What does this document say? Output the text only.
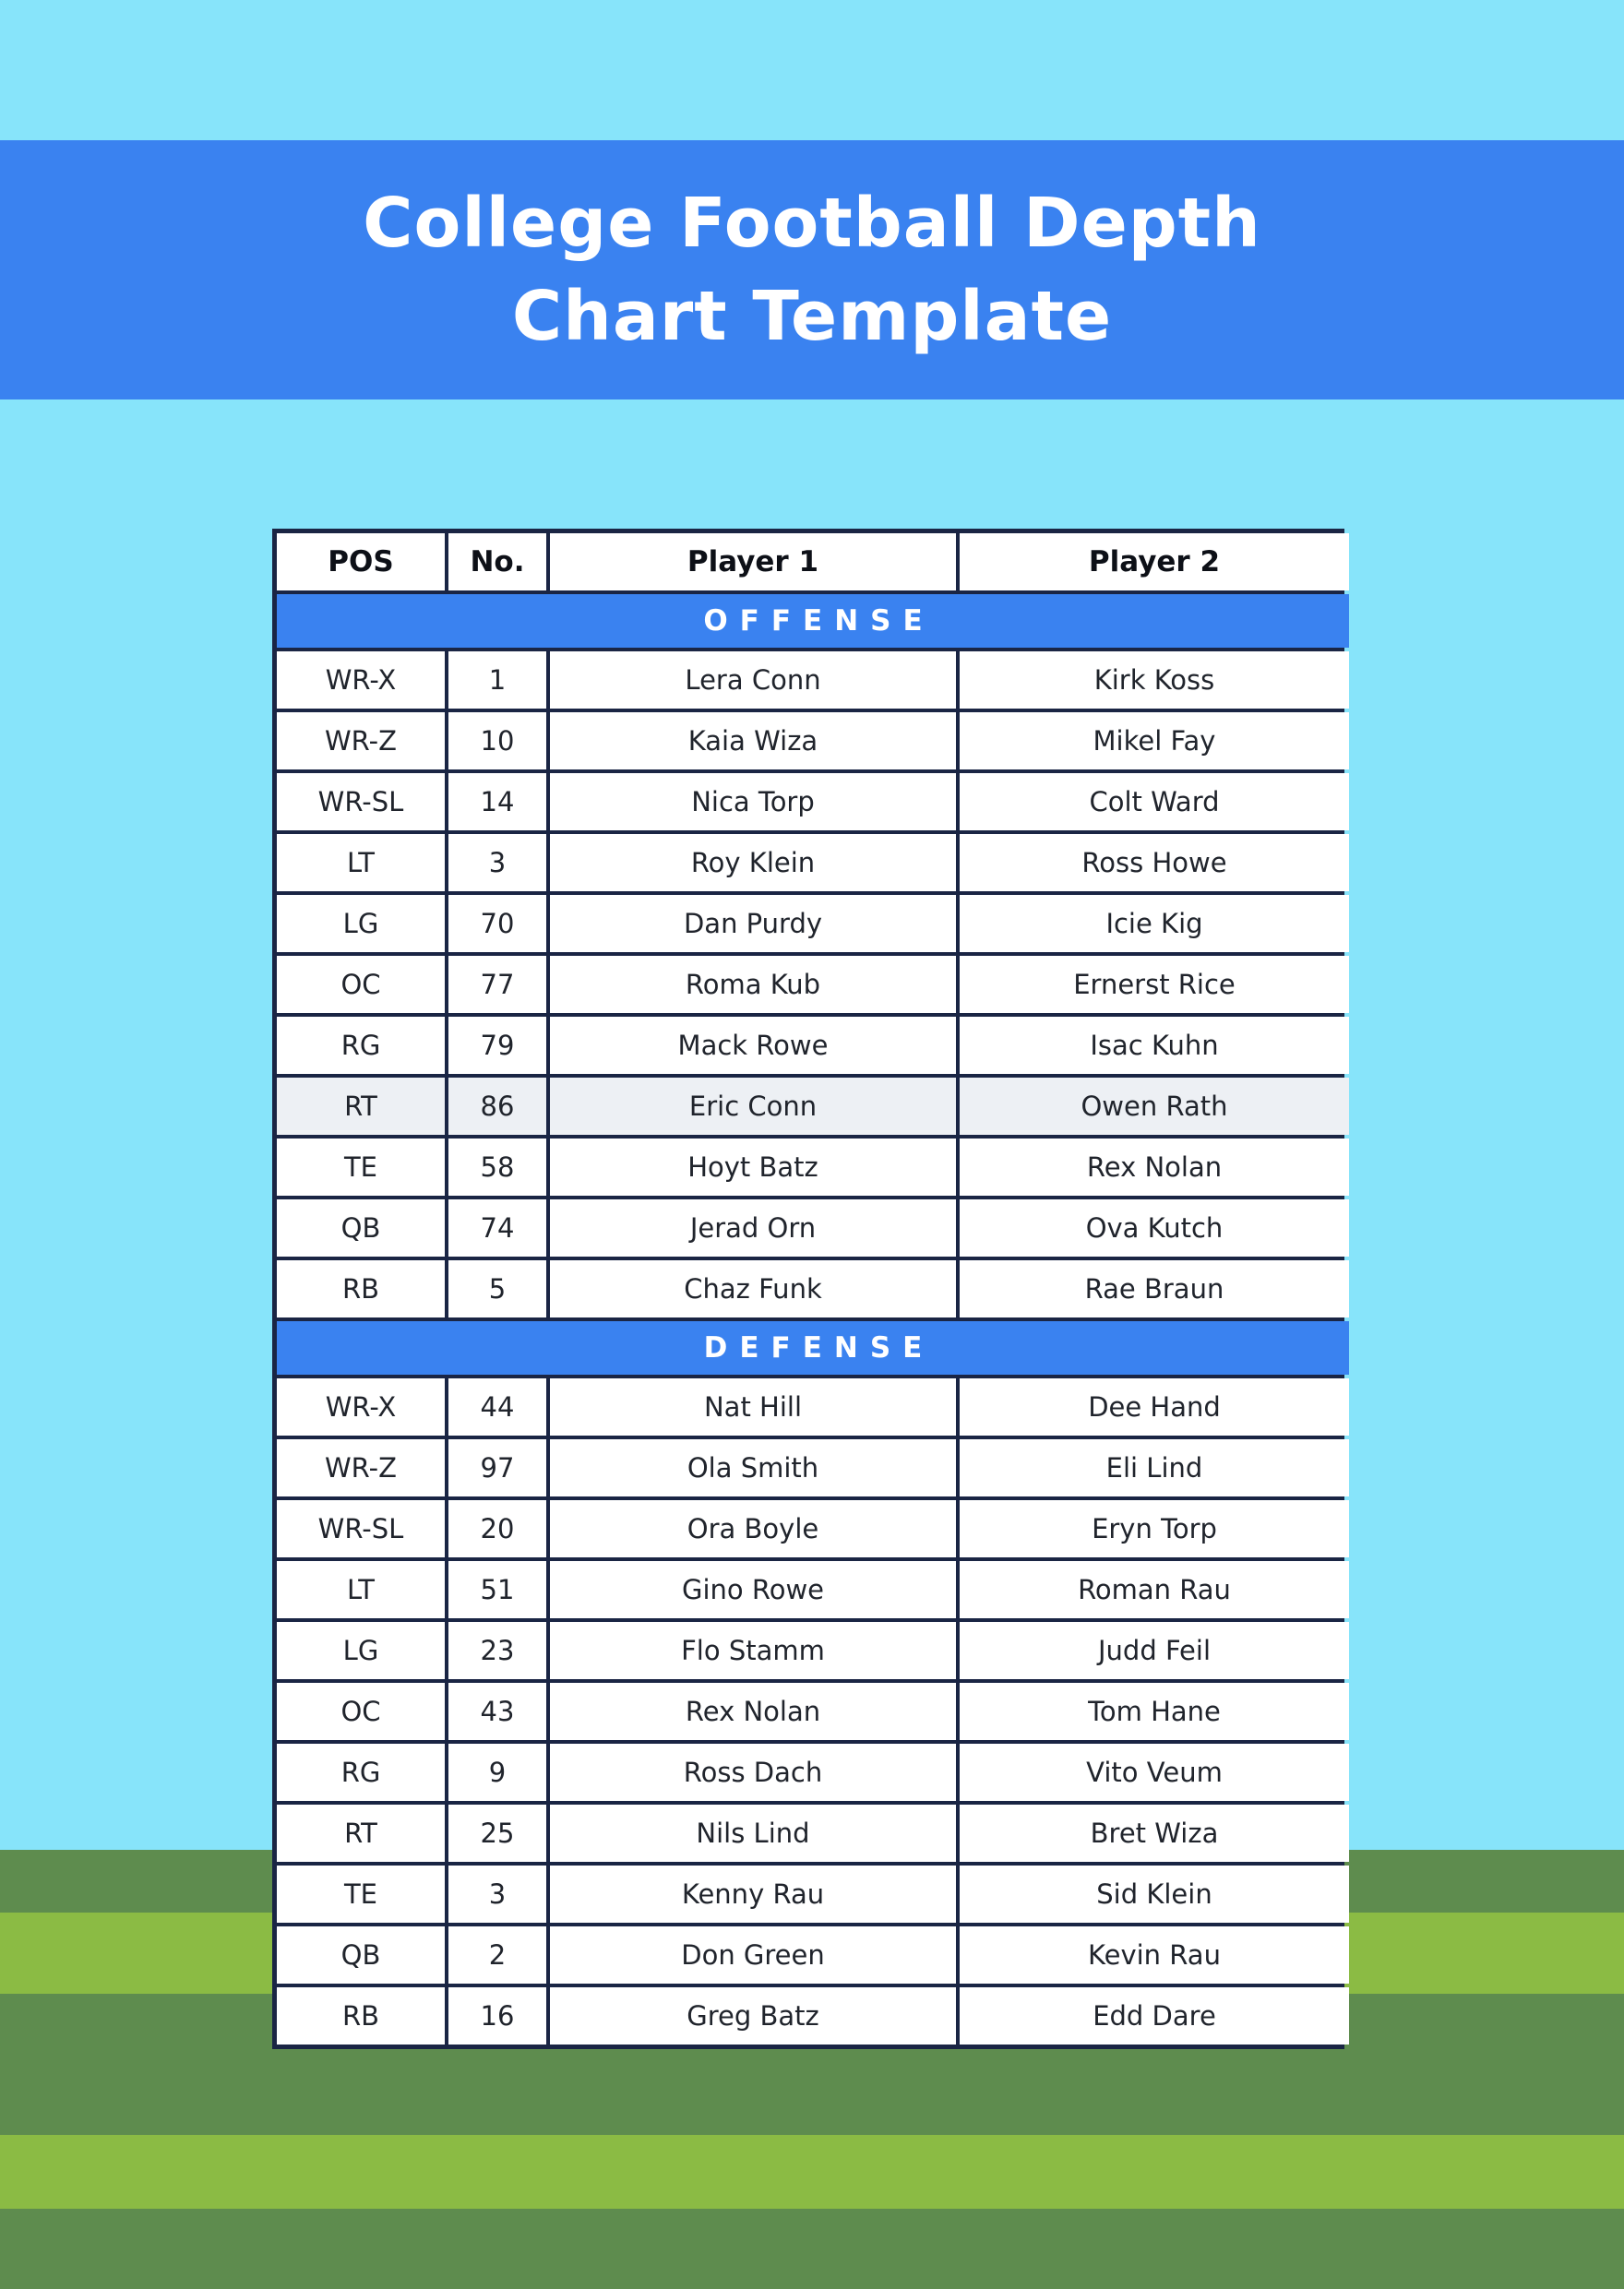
College Football Depth
Chart Template
POS	No.	Player 1	Player 2
OFFENSE
WR-X	1	Lera Conn	Kirk Koss
WR-Z	10	Kaia Wiza	Mikel Fay
WR-SL	14	Nica Torp	Colt Ward
LT	3	Roy Klein	Ross Howe
LG	70	Dan Purdy	Icie Kig
OC	77	Roma Kub	Ernerst Rice
RG	79	Mack Rowe	Isac Kuhn
RT	86	Eric Conn	Owen Rath
TE	58	Hoyt Batz	Rex Nolan
QB	74	Jerad Orn	Ova Kutch
RB	5	Chaz Funk	Rae Braun
DEFENSE
WR-X	44	Nat Hill	Dee Hand
WR-Z	97	Ola Smith	Eli Lind
WR-SL	20	Ora Boyle	Eryn Torp
LT	51	Gino Rowe	Roman Rau
LG	23	Flo Stamm	Judd Feil
OC	43	Rex Nolan	Tom Hane
RG	9	Ross Dach	Vito Veum
RT	25	Nils Lind	Bret Wiza
TE	3	Kenny Rau	Sid Klein
QB	2	Don Green	Kevin Rau
RB	16	Greg Batz	Edd Dare
